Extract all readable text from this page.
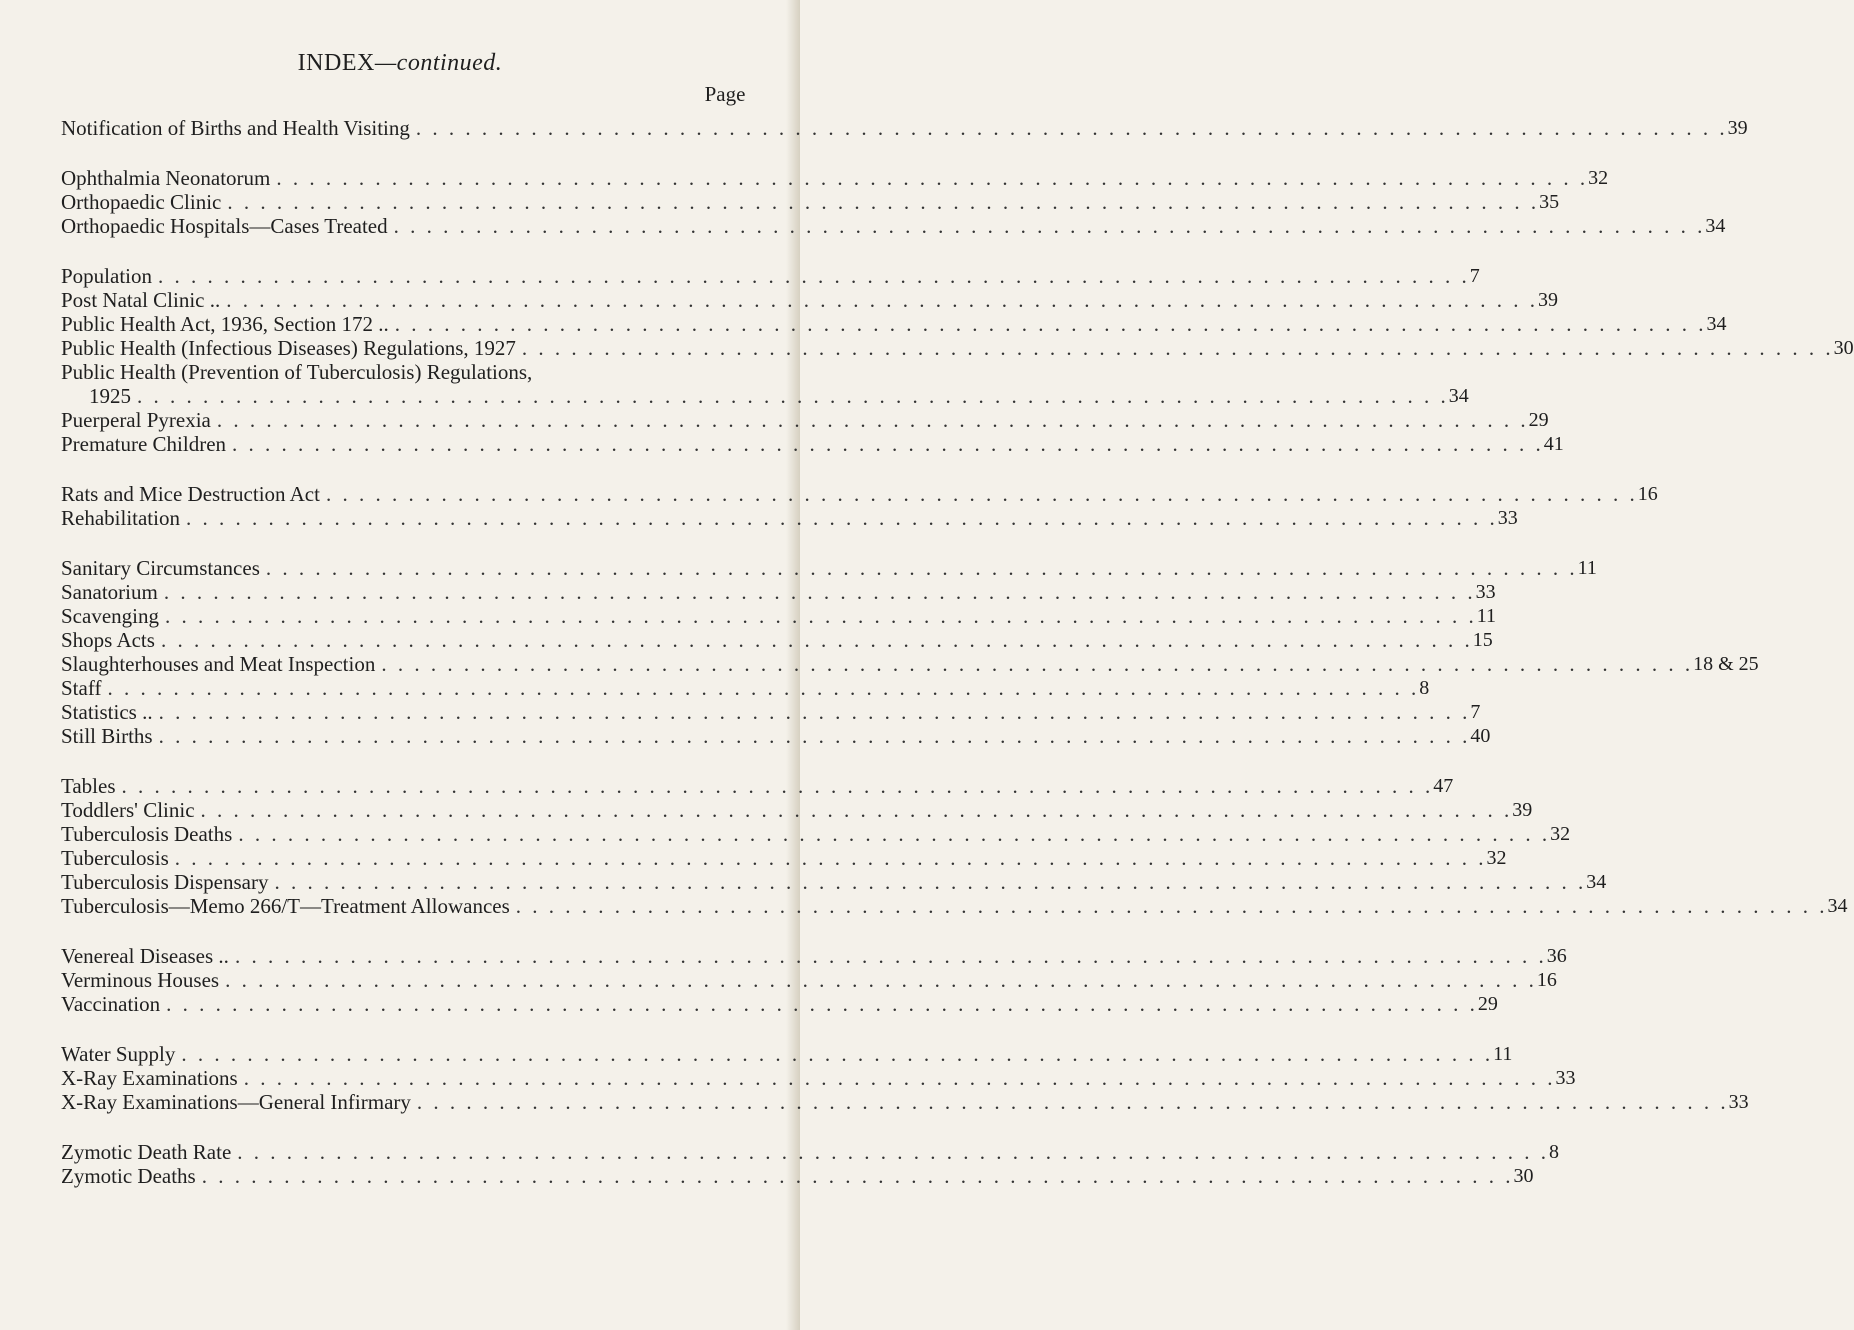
INDEX—continued.
Page
Notification of Births and Health Visiting . . .	39
Ophthalmia Neonatorum . . .	32
Orthopaedic Clinic . . .	35
Orthopaedic Hospitals—Cases Treated . . .	34
Population . . .	7
Post Natal Clinic .. . . .	39
Public Health Act, 1936, Section 172 .. . . .	34
Public Health (Infectious Diseases) Regulations, 1927 . . .	30
Public Health (Prevention of Tuberculosis) Regulations,
1925 . . .	34
Puerperal Pyrexia . . .	29
Premature Children . . .	41
Rats and Mice Destruction Act . . .	16
Rehabilitation . . .	33
Sanitary Circumstances . . .	11
Sanatorium . . .	33
Scavenging . . .	11
Shops Acts . . .	15
Slaughterhouses and Meat Inspection . . .	18 & 25
Staff . . .	8
Statistics .. . . .	7
Still Births . . .	40
Tables . . .	47
Toddlers' Clinic . . .	39
Tuberculosis Deaths . . .	32
Tuberculosis . . .	32
Tuberculosis Dispensary . . .	34
Tuberculosis—Memo 266/T—Treatment Allowances . . .	34
Venereal Diseases .. . . .	36
Verminous Houses . . .	16
Vaccination . . .	29
Water Supply . . .	11
X-Ray Examinations . . .	33
X-Ray Examinations—General Infirmary . . .	33
Zymotic Death Rate . . .	8
Zymotic Deaths . . .	30
